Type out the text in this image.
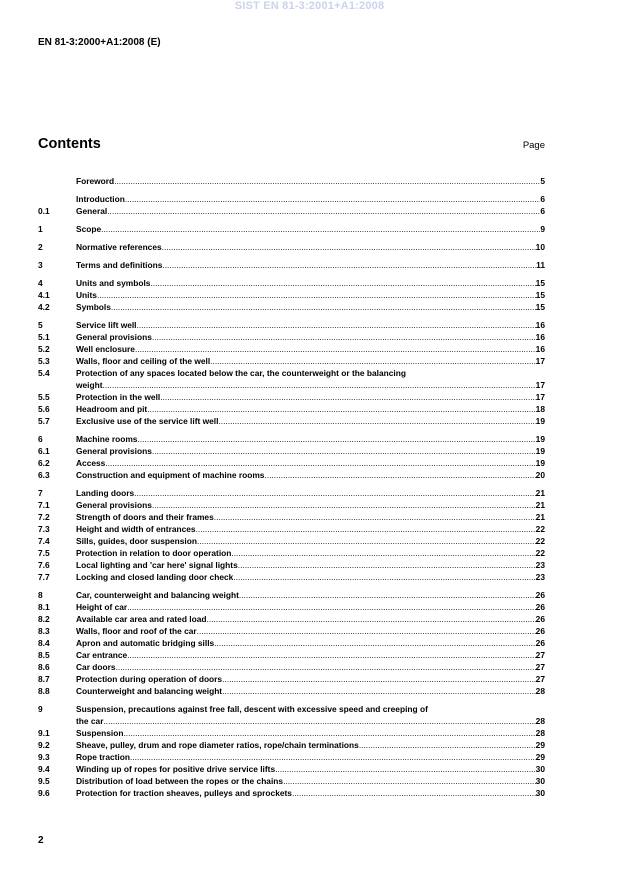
SIST EN 81-3:2001+A1:2008
EN 81-3:2000+A1:2008 (E)
Contents	Page
Foreword .....	5
Introduction .....	6
0.1	General .....	6
1	Scope .....	9
2	Normative references .....	10
3	Terms and definitions .....	11
4	Units and symbols .....	15
4.1	Units .....	15
4.2	Symbols .....	15
5	Service lift well .....	16
5.1	General provisions .....	16
5.2	Well enclosure .....	16
5.3	Walls, floor and ceiling of the well .....	17
5.4	Protection of any spaces located below the car, the counterweight or the balancing
weight .....	17
5.5	Protection in the well .....	17
5.6	Headroom and pit .....	18
5.7	Exclusive use of the service lift well .....	19
6	Machine rooms .....	19
6.1	General provisions .....	19
6.2	Access .....	19
6.3	Construction and equipment of machine rooms .....	20
7	Landing doors .....	21
7.1	General provisions .....	21
7.2	Strength of doors and their frames .....	21
7.3	Height and width of entrances .....	22
7.4	Sills, guides, door suspension .....	22
7.5	Protection in relation to door operation .....	22
7.6	Local lighting and 'car here' signal lights .....	23
7.7	Locking and closed landing door check .....	23
8	Car, counterweight and balancing weight .....	26
8.1	Height of car .....	26
8.2	Available car area and rated load .....	26
8.3	Walls, floor and roof of the car .....	26
8.4	Apron and automatic bridging sills .....	26
8.5	Car entrance .....	27
8.6	Car doors .....	27
8.7	Protection during operation of doors .....	27
8.8	Counterweight and balancing weight .....	28
9	Suspension, precautions against free fall, descent with excessive speed and creeping of
the car .....	28
9.1	Suspension .....	28
9.2	Sheave, pulley, drum and rope diameter ratios, rope/chain terminations .....	29
9.3	Rope traction .....	29
9.4	Winding up of ropes for positive drive service lifts .....	30
9.5	Distribution of load between the ropes or the chains .....	30
9.6	Protection for traction sheaves, pulleys and sprockets .....	30
2
